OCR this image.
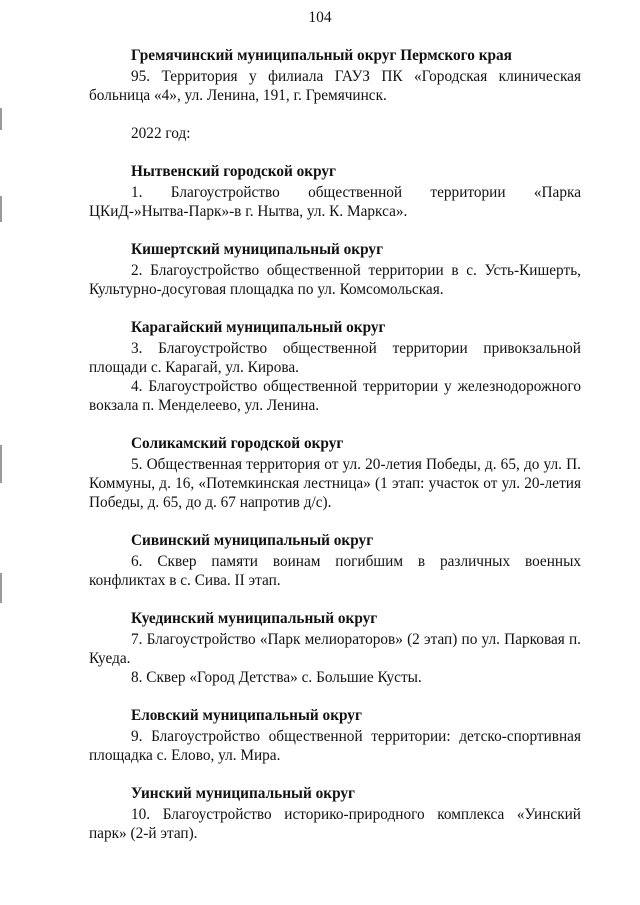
104

Гремячинский муниципальный округ Пермского края

95. Территория у филиала ГАУЗ ПК «Городская клиническая больница «4», ул. Ленина, 191, г. Гремячинск.

2022 год:

Нытвенский городской округ

1. Благоустройство общественной территории «Парка ЦКиД-»Нытва-Парк»-в г. Нытва, ул. К. Маркса».

Кишертский муниципальный округ

2. Благоустройство общественной территории в с. Усть-Кишерть, Культурно-досуговая площадка по ул. Комсомольская.

Карагайский муниципальный округ

3. Благоустройство общественной территории привокзальной площади с. Карагай, ул. Кирова.

4. Благоустройство общественной территории у железнодорожного вокзала п. Менделеево, ул. Ленина.

Соликамский городской округ

5. Общественная территория от ул. 20-летия Победы, д. 65, до ул. П. Коммуны, д. 16, «Потемкинская лестница» (1 этап: участок от ул. 20-летия Победы, д. 65, до д. 67 напротив д/с).

Сивинский муниципальный округ

6. Сквер памяти воинам погибшим в различных военных конфликтах в с. Сива. II этап.

Куединский муниципальный округ

7. Благоустройство «Парк мелиораторов» (2 этап) по ул. Парковая п. Куеда.

8. Сквер «Город Детства» с. Большие Кусты.

Еловский муниципальный округ

9. Благоустройство общественной территории: детско-спортивная площадка с. Елово, ул. Мира.

Уинский муниципальный округ

10. Благоустройство историко-природного комплекса «Уинский парк» (2-й этап).
